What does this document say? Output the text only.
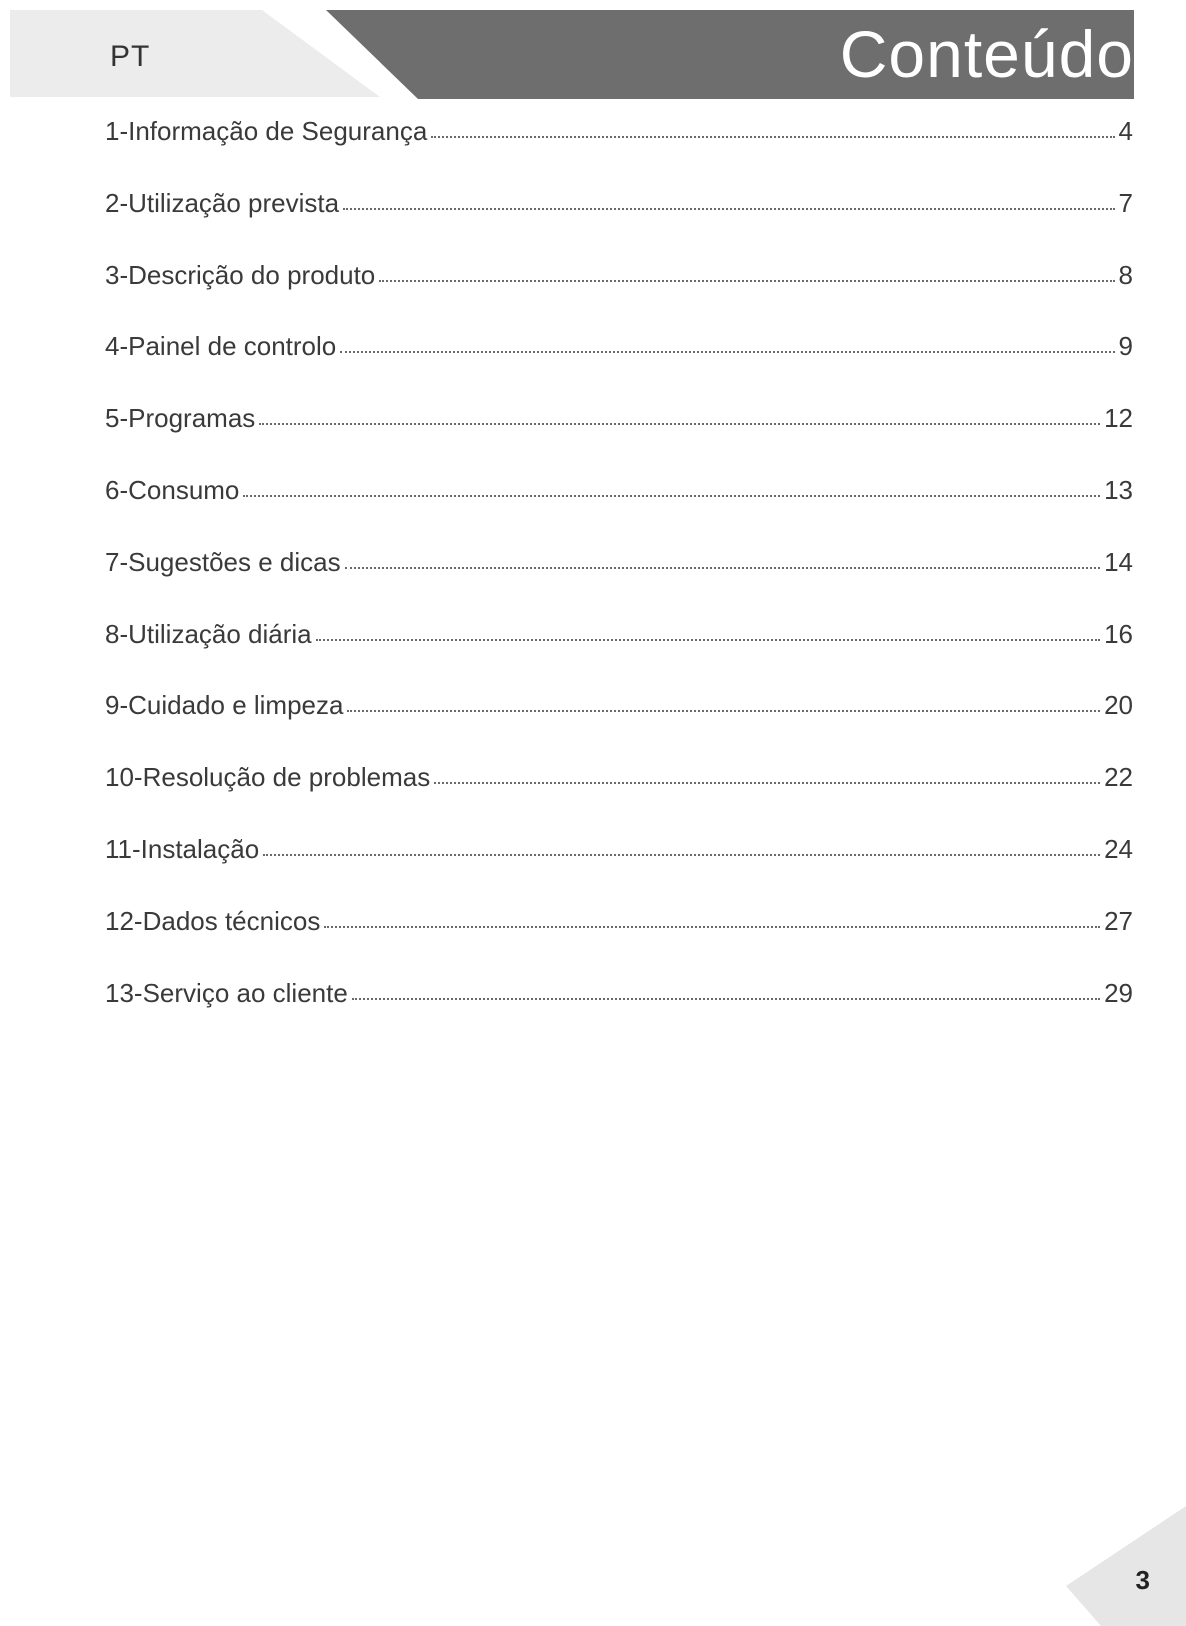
PT	Conteúdo
1-Informação de Segurança	4
2-Utilização prevista	7
3-Descrição do produto	8
4-Painel de controlo	9
5-Programas	12
6-Consumo	13
7-Sugestões e dicas	14
8-Utilização diária	16
9-Cuidado e limpeza	20
10-Resolução de problemas	22
11-Instalação	24
12-Dados técnicos	27
13-Serviço ao cliente	29
3
